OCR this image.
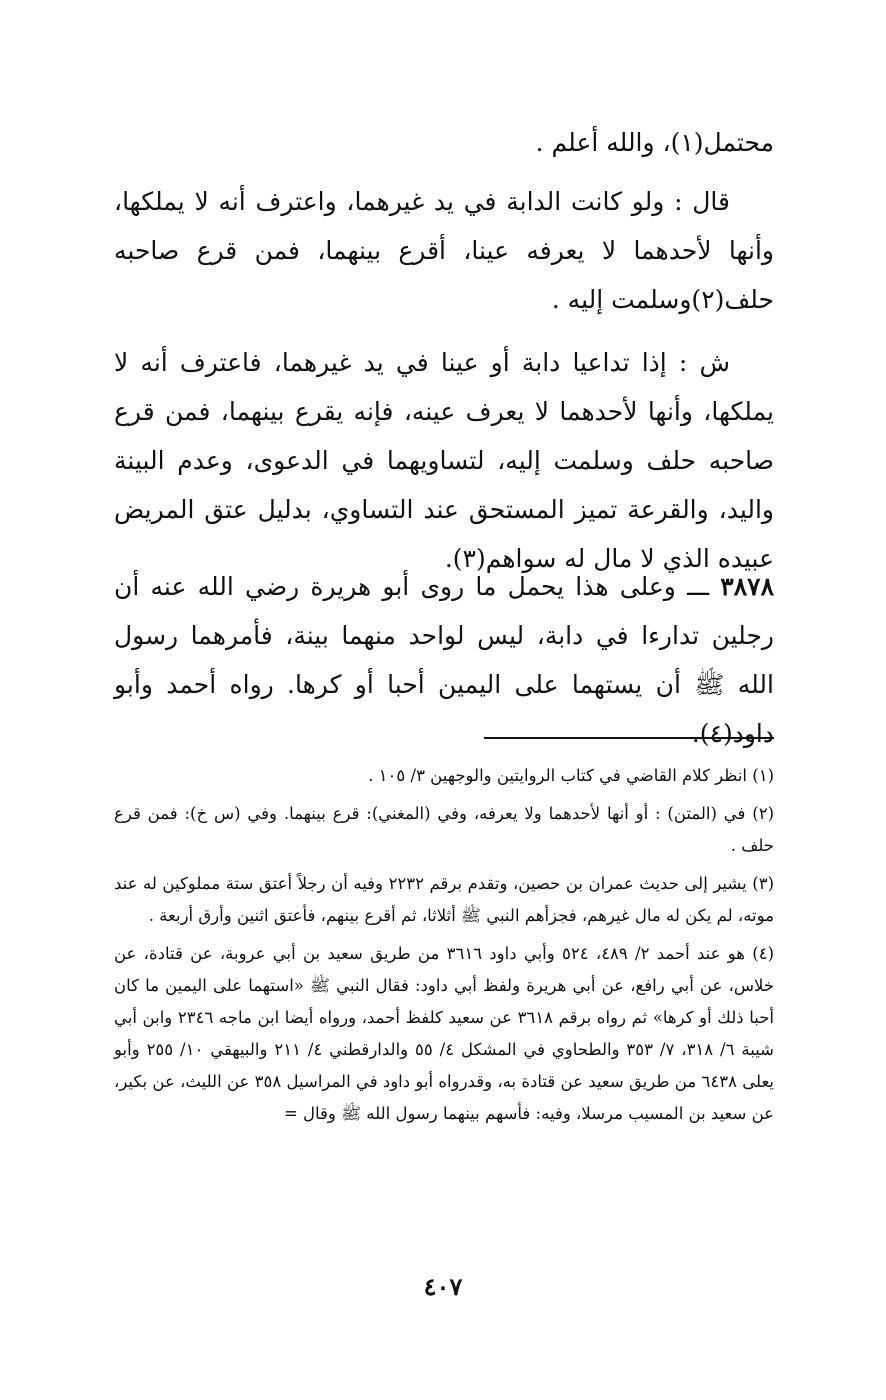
محتمل(١)، والله أعلم .

قال : ولو كانت الدابة في يد غيرهما، واعترف أنه لا يملكها، وأنها لأحدهما لا يعرفه عينا، أقرع بينهما، فمن قرع صاحبه حلف(٢)وسلمت إليه .

ش : إذا تداعيا دابة أو عينا في يد غيرهما، فاعترف أنه لا يملكها، وأنها لأحدهما لا يعرف عينه، فإنه يقرع بينهما، فمن قرع صاحبه حلف وسلمت إليه، لتساويهما في الدعوى، وعدم البينة واليد، والقرعة تميز المستحق عند التساوي، بدليل عتق المريض عبيده الذي لا مال له سواهم(٣).

٣٨٧٨ ـــ وعلى هذا يحمل ما روى أبو هريرة رضي الله عنه أن رجلين تدارءا في دابة، ليس لواحد منهما بينة، فأمرهما رسول الله ﷺ أن يستهما على اليمين أحبا أو كرها. رواه أحمد وأبو داود(٤).

(١) انظر كلام القاضي في كتاب الروايتين والوجهين ٣/ ١٠٥ .

(٢) في (المتن) : أو أنها لأحدهما ولا يعرفه، وفي (المغني): قرع بينهما. وفي (س خ): فمن قرع حلف .

(٣) يشير إلى حديث عمران بن حصين، وتقدم برقم ٢٢٣٢ وفيه أن رجلاً أعتق ستة مملوكين له عند موته، لم يكن له مال غيرهم، فجزأهم النبي ﷺ أثلاثا، ثم أقرع بينهم، فأعتق اثنين وأرق أربعة .

(٤) هو عند أحمد ٢/ ٤٨٩، ٥٢٤ وأبي داود ٣٦١٦ من طريق سعيد بن أبي عروبة، عن قتادة، عن خلاس، عن أبي رافع، عن أبي هريرة ولفظ أبي داود: فقال النبي ﷺ «استهما على اليمين ما كان أحبا ذلك أو كرها» ثم رواه برقم ٣٦١٨ عن سعيد كلفظ أحمد، ورواه أيضا ابن ماجه ٢٣٤٦ وابن أبي شيبة ٦/ ٣١٨، ٧/ ٣٥٣ والطحاوي في المشكل ٤/ ٥٥ والدارقطني ٤/ ٢١١ والبيهقي ١٠/ ٢٥٥ وأبو يعلى ٦٤٣٨ من طريق سعيد عن قتادة به، وقدرواه أبو داود في المراسيل ٣٥٨ عن الليث، عن بكير، عن سعيد بن المسيب مرسلا، وفيه: فأسهم بينهما رسول الله ﷺ وقال =

٤٠٧
